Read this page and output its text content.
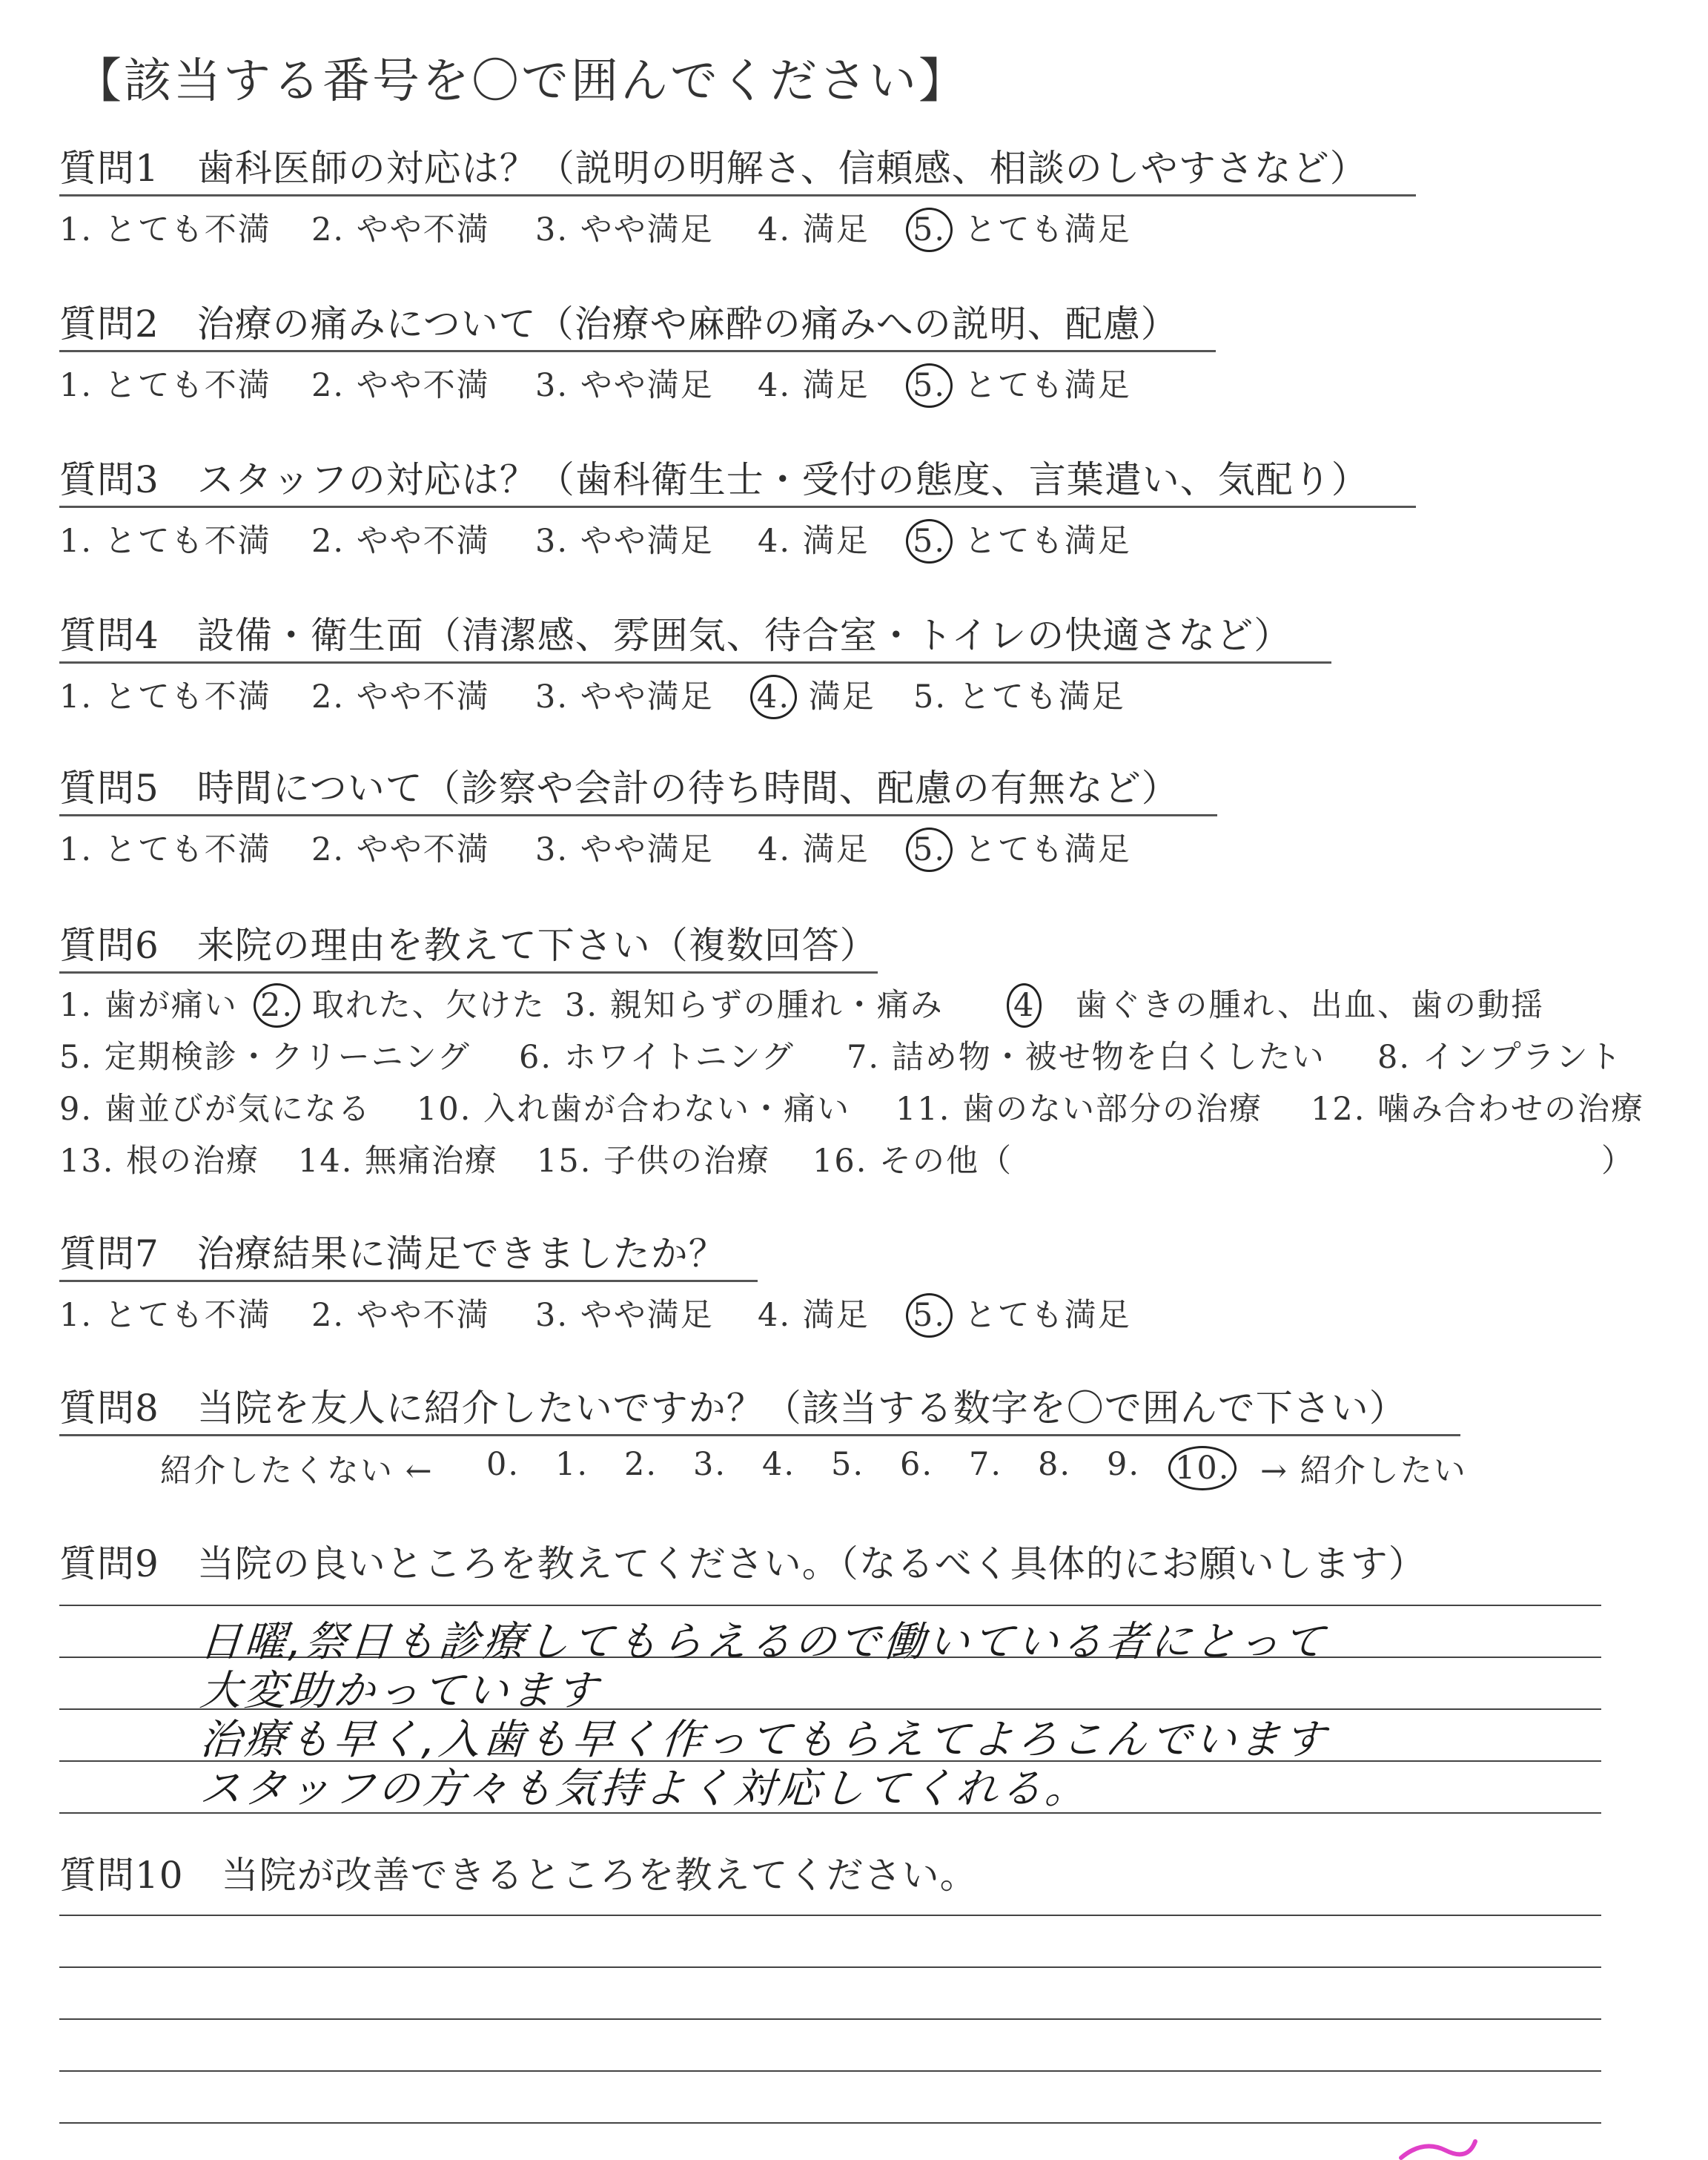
【該当する番号を〇で囲んでください】
質問1　歯科医師の対応は？（説明の明解さ、信頼感、相談のしやすさなど）
1. とても不満 2. やや不満 3. やや満足 4. 満足 5. とても満足
質問2　治療の痛みについて（治療や麻酔の痛みへの説明、配慮）
1. とても不満 2. やや不満 3. やや満足 4. 満足 5. とても満足
質問3　スタッフの対応は？（歯科衛生士・受付の態度、言葉遣い、気配り）
1. とても不満 2. やや不満 3. やや満足 4. 満足 5. とても満足
質問4　設備・衛生面（清潔感、雰囲気、待合室・トイレの快適さなど）
1. とても不満 2. やや不満 3. やや満足 4. 満足 5. とても満足
質問5　時間について（診察や会計の待ち時間、配慮の有無など）
1. とても不満 2. やや不満 3. やや満足 4. 満足 5. とても満足
質問7　治療結果に満足できましたか？
1. とても不満 2. やや不満 3. やや満足 4. 満足 5. とても満足
質問6　 来院の理由を教えて下さい（複数回答）
1. 歯が痛い 2. 取れた、欠けた 3. 親知らずの腫れ・痛み 4　歯ぐきの腫れ、出血、歯の動揺
5. 定期検診・クリーニング 6. ホワイトニング 7. 詰め物・被せ物を白くしたい 8. インプラント
9. 歯並びが気になる 10. 入れ歯が合わない・痛い 11. 歯のない部分の治療 12. 噛み合わせの治療
13. 根の治療 14. 無痛治療 15. 子供の治療 16. その他（	）
質問8　 当院を友人に紹介したいですか？（該当する数字を〇で囲んで下さい）
紹介したくない ← 0. 1. 2. 3. 4. 5. 6. 7. 8. 9. 10. → 紹介したい
質問9　 当院の良いところを教えてください。（なるべく具体的にお願いします）
日曜,祭日も診療してもらえるので働いている者にとって
大変助かっています
治療も早く,入歯も早く作ってもらえてよろこんでいます
スタッフの方々も気持よく対応してくれる。
質問10　 当院が改善できるところを教えてください。
